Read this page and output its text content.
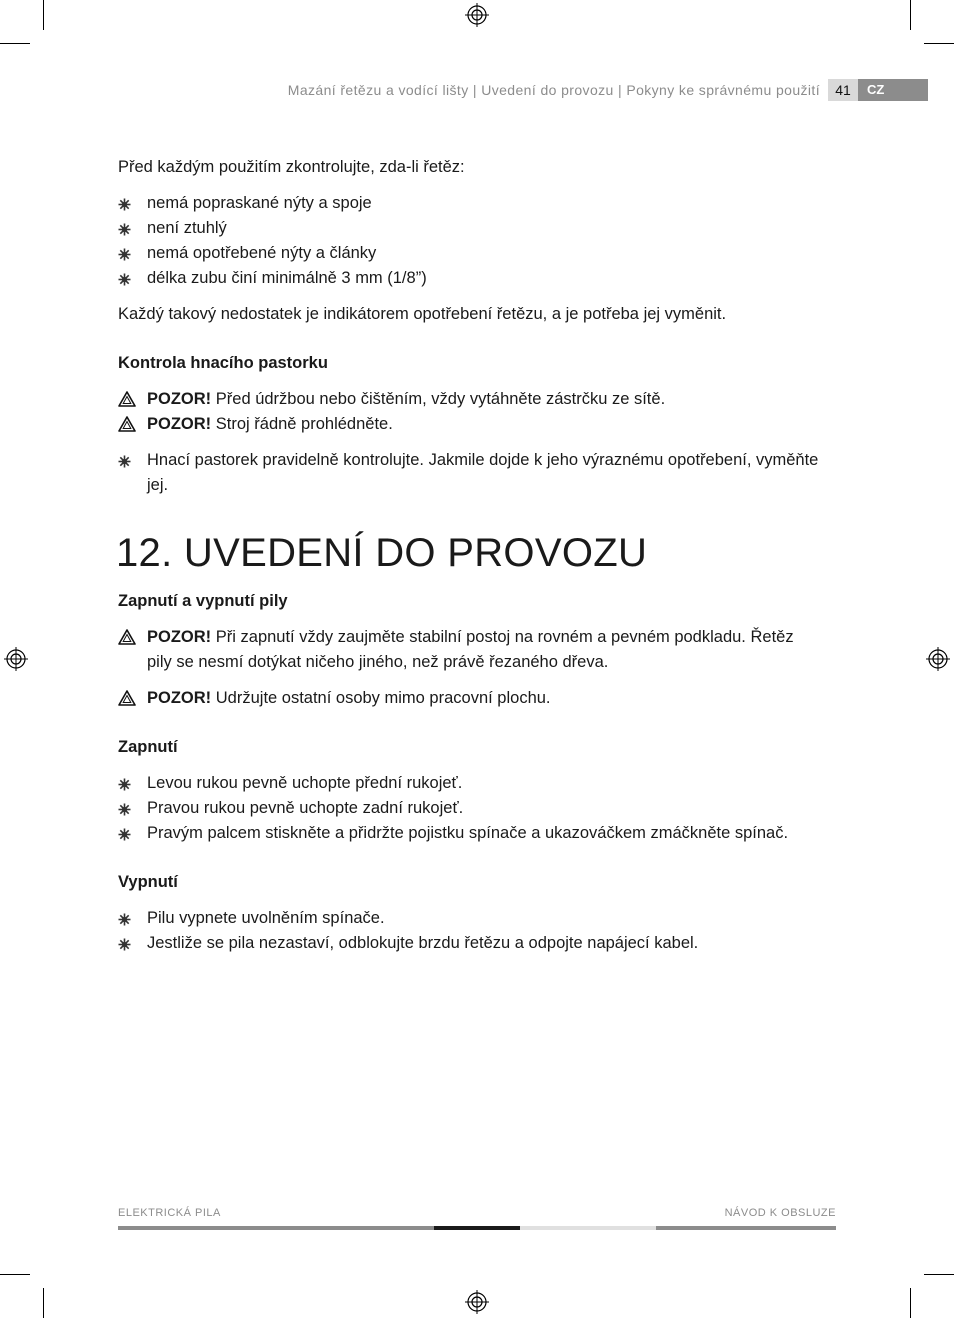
Mazání řetězu a vodící lišty | Uvedení do provozu | Pokyny ke správnému použití	41	CZ

Před každým použitím zkontrolujte, zda-li řetěz:

nemá popraskané nýty a spoje
není ztuhlý
nemá opotřebené nýty a články
délka zubu činí minimálně 3 mm (1/8”)

Každý takový nedostatek je indikátorem opotřebení řetězu, a je potřeba jej vyměnit.

Kontrola hnacího pastorku

POZOR! Před údržbou nebo čištěním, vždy vytáhněte zástrčku ze sítě.
POZOR! Stroj řádně prohlédněte.
Hnací pastorek pravidelně kontrolujte. Jakmile dojde k jeho výraznému opotřebení, vyměňte jej.

12. UVEDENÍ DO PROVOZU

Zapnutí a vypnutí pily

POZOR! Při zapnutí vždy zaujměte stabilní postoj na rovném a pevném podkladu. Řetěz
pily se nesmí dotýkat ničeho jiného, než právě řezaného dřeva.
POZOR! Udržujte ostatní osoby mimo pracovní plochu.

Zapnutí

Levou rukou pevně uchopte přední rukojeť.
Pravou rukou pevně uchopte zadní rukojeť.
Pravým palcem stiskněte a přidržte pojistku spínače a ukazováčkem zmáčkněte spínač.

Vypnutí

Pilu vypnete uvolněním spínače.
Jestliže se pila nezastaví, odblokujte brzdu řetězu a odpojte napájecí kabel.
ELEKTRICKÁ PILA	NÁVOD K OBSLUZE
